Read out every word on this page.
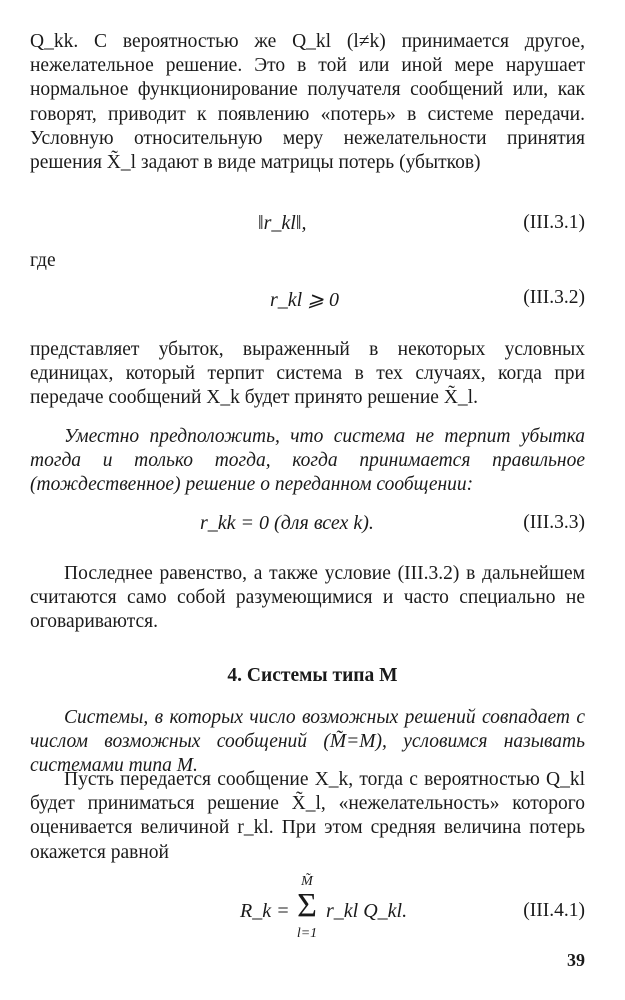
Q_kk. С вероятностью же Q_kl (l≠k) принимается другое, нежелательное решение. Это в той или иной мере нарушает нормальное функционирование получателя сообщений или, как говорят, приводит к появлению «потерь» в системе передачи. Условную относительную меру нежелательности принятия решения X̃_l задают в виде матрицы потерь (убытков)

‖r_kl‖,	(III.3.1)
где
r_kl ⩾ 0	(III.3.2)

представляет убыток, выраженный в некоторых условных единицах, который терпит система в тех случаях, когда при передаче сообщений X_k будет принято решение X̃_l.

Уместно предположить, что система не терпит убытка тогда и только тогда, когда принимается правильное (тождественное) решение о переданном сообщении:

r_kk = 0 (для всех k).	(III.3.3)

Последнее равенство, а также условие (III.3.2) в дальнейшем считаются само собой разумеющимися и часто специально не оговариваются.

4. Системы типа M

Системы, в которых число возможных решений совпадает с числом возможных сообщений (M̃=M), условимся называть системами типа M.

Пусть передается сообщение X_k, тогда с вероятностью Q_kl будет приниматься решение X̃_l, «нежелательность» которого оценивается величиной r_kl. При этом средняя величина потерь окажется равной

R_k =
M̃
Σ
l=1
r_kl Q_kl.	(III.4.1)
39
